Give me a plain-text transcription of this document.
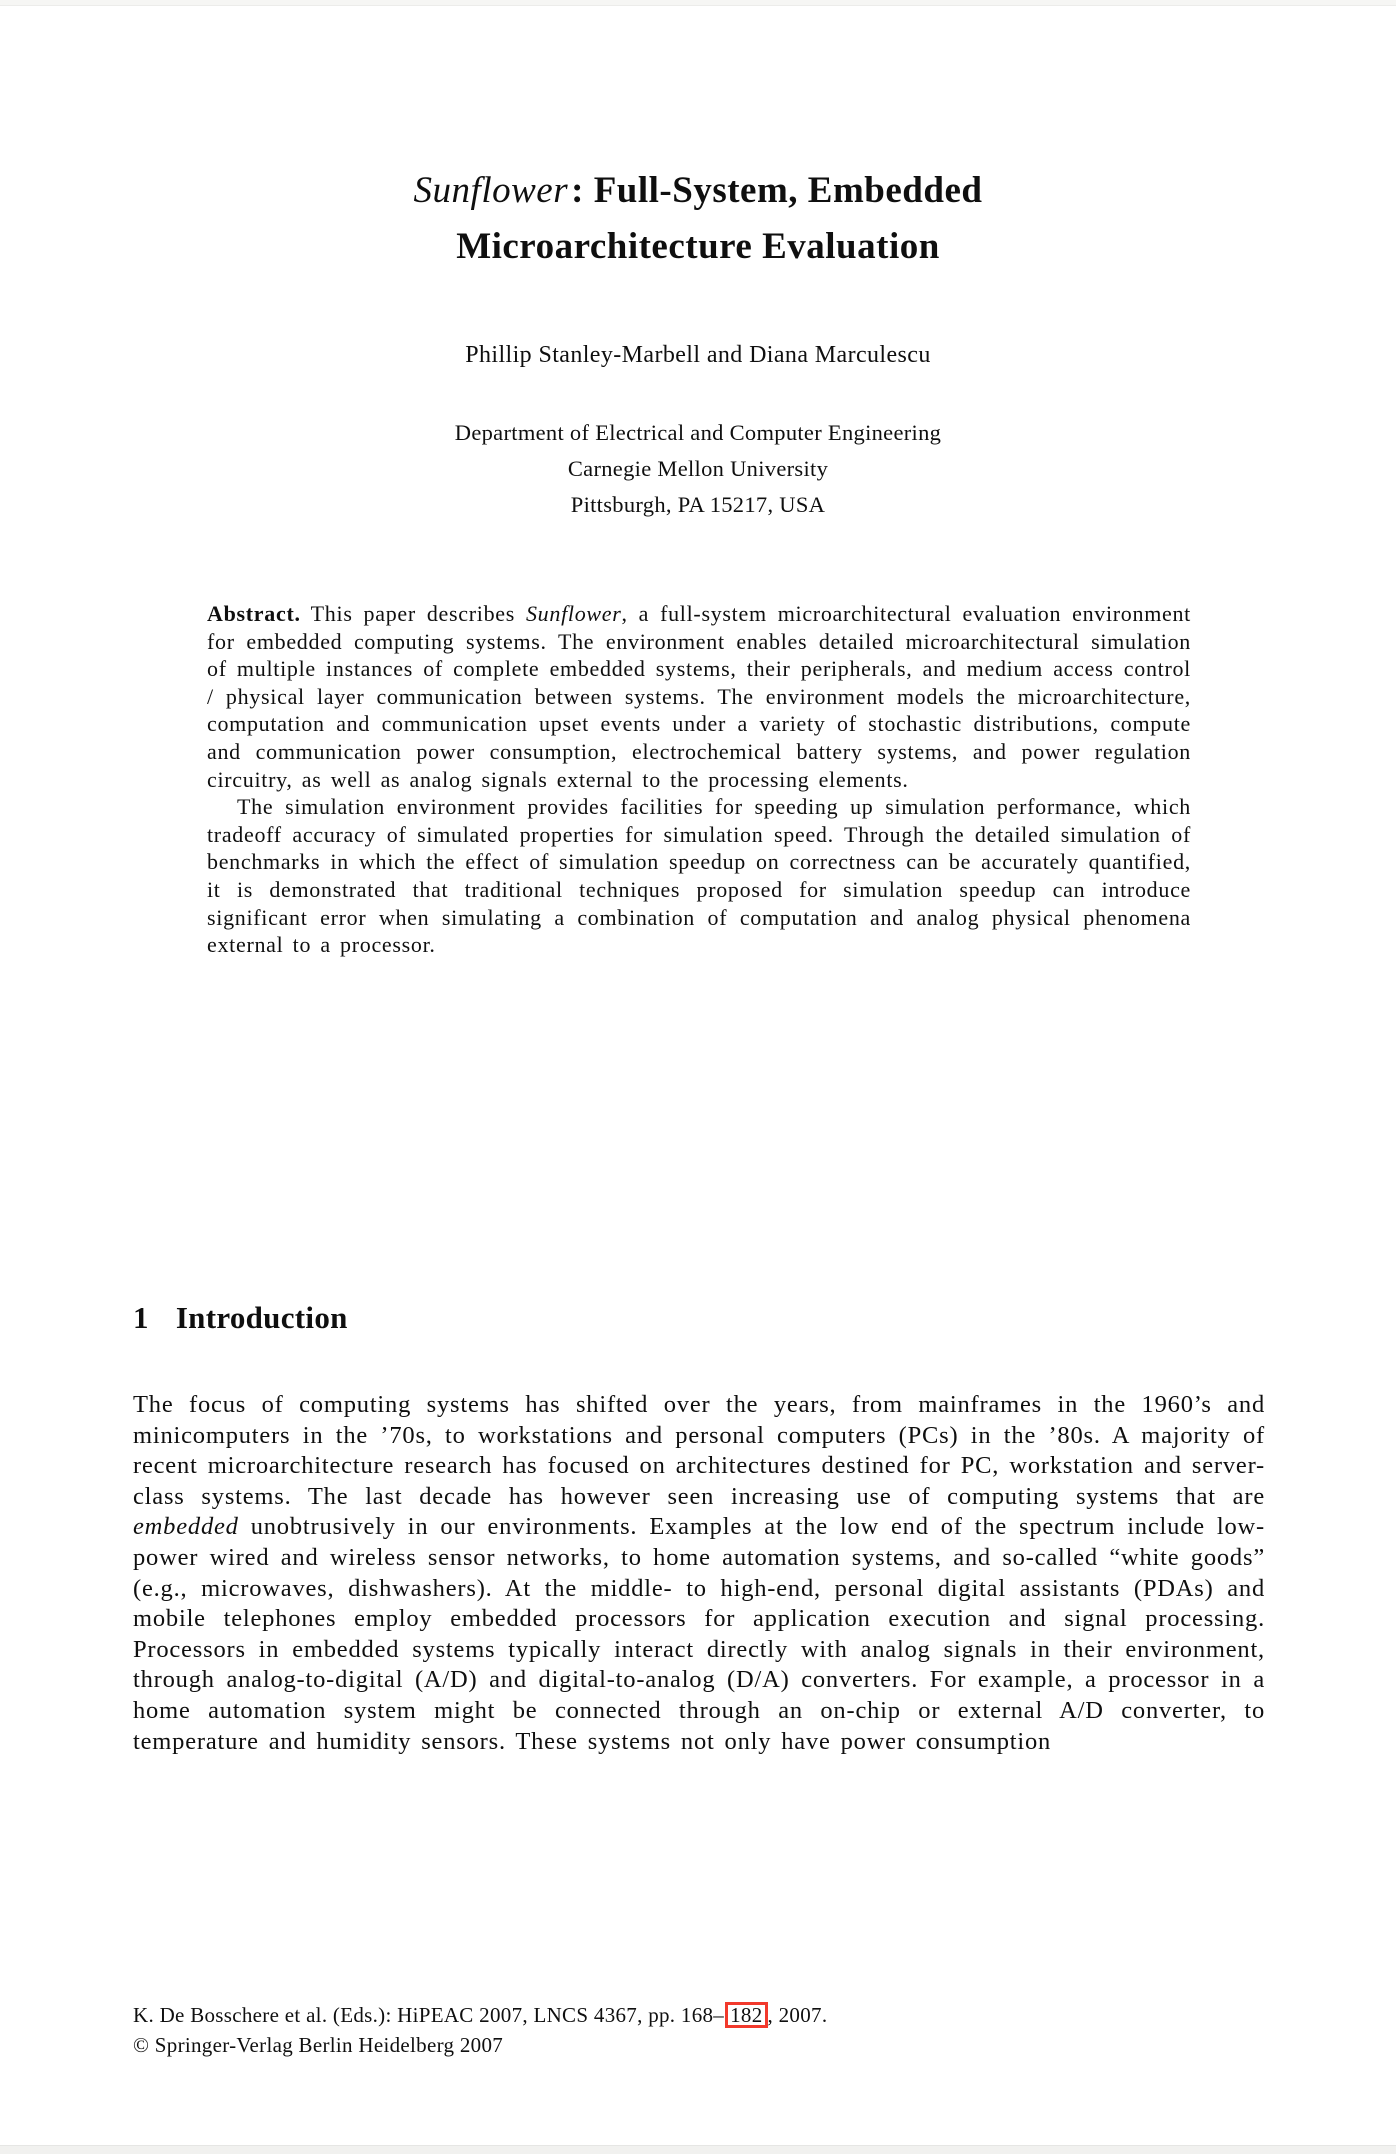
Sunflower: Full-System, Embedded
Microarchitecture Evaluation
Phillip Stanley-Marbell and Diana Marculescu
Department of Electrical and Computer Engineering
Carnegie Mellon University
Pittsburgh, PA 15217, USA

Abstract. This paper describes Sunflower, a full-system microarchitectural evaluation environment for embedded computing systems. The environment enables detailed microarchitectural simulation of multiple instances of complete embedded systems, their peripherals, and medium access control / physical layer communication between systems. The environment models the microarchitecture, computation and communication upset events under a variety of stochastic distributions, compute and communication power consumption, electrochemical battery systems, and power regulation circuitry, as well as analog signals external to the processing elements.

The simulation environment provides facilities for speeding up simulation performance, which tradeoff accuracy of simulated properties for simulation speed. Through the detailed simulation of benchmarks in which the effect of simulation speedup on correctness can be accurately quantified, it is demonstrated that traditional techniques proposed for simulation speedup can introduce significant error when simulating a combination of computation and analog physical phenomena external to a processor.

1 Introduction

The focus of computing systems has shifted over the years, from mainframes in the 1960’s and minicomputers in the ’70s, to workstations and personal computers (PCs) in the ’80s. A majority of recent microarchitecture research has focused on architectures destined for PC, workstation and server-class systems. The last decade has however seen increasing use of computing systems that are embedded unobtrusively in our environments. Examples at the low end of the spectrum include low-power wired and wireless sensor networks, to home automation systems, and so-called “white goods” (e.g., microwaves, dishwashers). At the middle- to high-end, personal digital assistants (PDAs) and mobile telephones employ embedded processors for application execution and signal processing. Processors in embedded systems typically interact directly with analog signals in their environment, through analog-to-digital (A/D) and digital-to-analog (D/A) converters. For example, a processor in a home automation system might be connected through an on-chip or external A/D converter, to temperature and humidity sensors. These systems not only have power consumption

K. De Bosschere et al. (Eds.): HiPEAC 2007, LNCS 4367, pp. 168– 182 , 2007.

© Springer-Verlag Berlin Heidelberg 2007
